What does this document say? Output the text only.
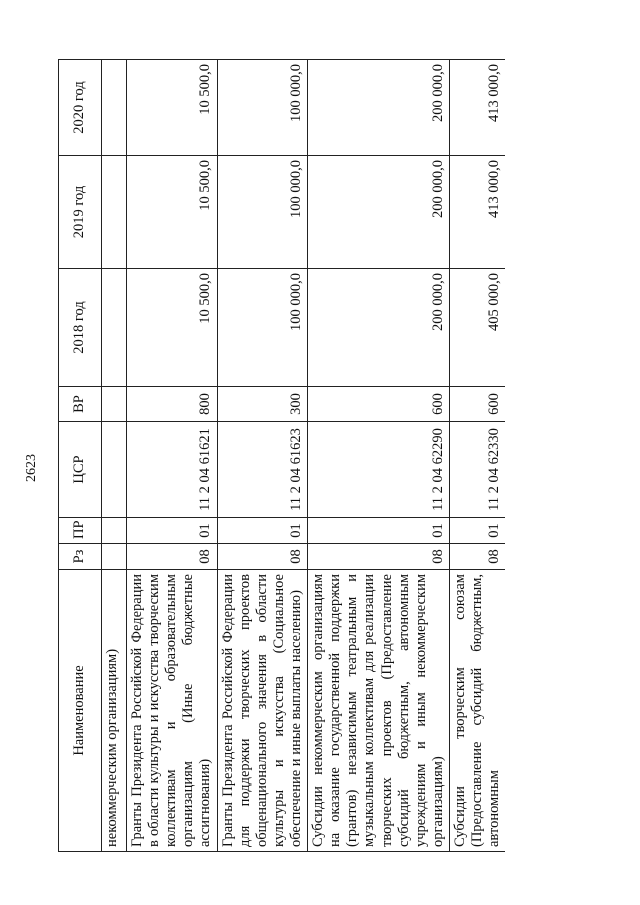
2623
Наименование	Рз	ПР	ЦСР	ВР	2018 год	2019 год	2020 год
некоммерческим организациям)							
Гранты Президента Российской Федерации в области культуры и искусства творческим коллективам и образовательным организациям (Иные бюджетные ассигнования)	08	01	11 2 04 61621	800	10 500,0	10 500,0	10 500,0
Гранты Президента Российской Федерации для поддержки творческих проектов общенационального значения в области культуры и искусства (Социальное обеспечение и иные выплаты населению)	08	01	11 2 04 61623	300	100 000,0	100 000,0	100 000,0
Субсидии некоммерческим организациям на оказание государственной поддержки (грантов) независимым театральным и музыкальным коллективам для реализации творческих проектов (Предоставление субсидий бюджетным, автономным учреждениям и иным некоммерческим организациям)	08	01	11 2 04 62290	600	200 000,0	200 000,0	200 000,0
Субсидии творческим союзам (Предоставление субсидий бюджетным, автономным	08	01	11 2 04 62330	600	405 000,0	413 000,0	413 000,0
